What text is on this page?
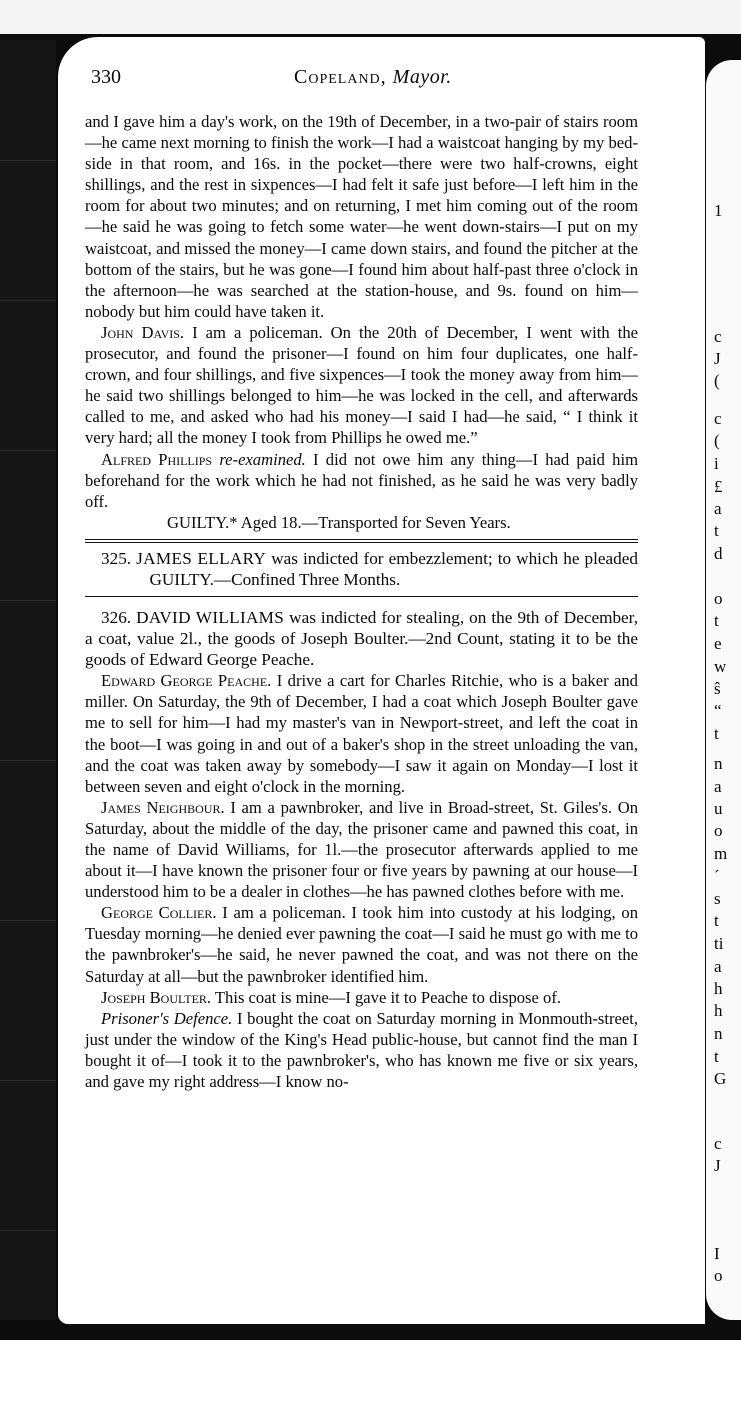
1
c
J
(
c
(
i
£
a
t
d
o
t
e
w
ŝ
“
t
n
a
u
o
m
´
s
t
ti
a
h
h
n
t
G
c
J
I
o
330	Copeland, Mayor.

and I gave him a day's work, on the 19th of December, in a two-pair of stairs room—he came next morning to finish the work—I had a waistcoat hanging by my bed-side in that room, and 16s. in the pocket—there were two half-crowns, eight shillings, and the rest in sixpences—I had felt it safe just before—I left him in the room for about two minutes; and on returning, I met him coming out of the room—he said he was going to fetch some water—he went down-stairs—I put on my waistcoat, and missed the money—I came down stairs, and found the pitcher at the bottom of the stairs, but he was gone—I found him about half-past three o'clock in the afternoon—he was searched at the station-house, and 9s. found on him—nobody but him could have taken it.

John Davis. I am a policeman. On the 20th of December, I went with the prosecutor, and found the prisoner—I found on him four duplicates, one half-crown, and four shillings, and five sixpences—I took the money away from him—he said two shillings belonged to him—he was locked in the cell, and afterwards called to me, and asked who had his money—I said I had—he said, “ I think it very hard; all the money I took from Phillips he owed me.”

Alfred Phillips re-examined. I did not owe him any thing—I had paid him beforehand for the work which he had not finished, as he said he was very badly off.

GUILTY.* Aged 18.—Transported for Seven Years.

325. JAMES ELLARY was indicted for embezzlement; to which he pleaded                GUILTY.—Confined Three Months.

326. DAVID WILLIAMS was indicted for stealing, on the 9th of December, a coat, value 2l., the goods of Joseph Boulter.—2nd Count, stating it to be the goods of Edward George Peache.

Edward George Peache. I drive a cart for Charles Ritchie, who is a baker and miller. On Saturday, the 9th of December, I had a coat which Joseph Boulter gave me to sell for him—I had my master's van in Newport-street, and left the coat in the boot—I was going in and out of a baker's shop in the street unloading the van, and the coat was taken away by somebody—I saw it again on Monday—I lost it between seven and eight o'clock in the morning.

James Neighbour. I am a pawnbroker, and live in Broad-street, St. Giles's. On Saturday, about the middle of the day, the prisoner came and pawned this coat, in the name of David Williams, for 1l.—the prosecutor afterwards applied to me about it—I have known the prisoner four or five years by pawning at our house—I understood him to be a dealer in clothes—he has pawned clothes before with me.

George Collier. I am a policeman. I took him into custody at his lodging, on Tuesday morning—he denied ever pawning the coat—I said he must go with me to the pawnbroker's—he said, he never pawned the coat, and was not there on the Saturday at all—but the pawnbroker identified him.

Joseph Boulter. This coat is mine—I gave it to Peache to dispose of.

Prisoner's Defence. I bought the coat on Saturday morning in Monmouth-street, just under the window of the King's Head public-house, but cannot find the man I bought it of—I took it to the pawnbroker's, who has known me five or six years, and gave my right address—I know no-
